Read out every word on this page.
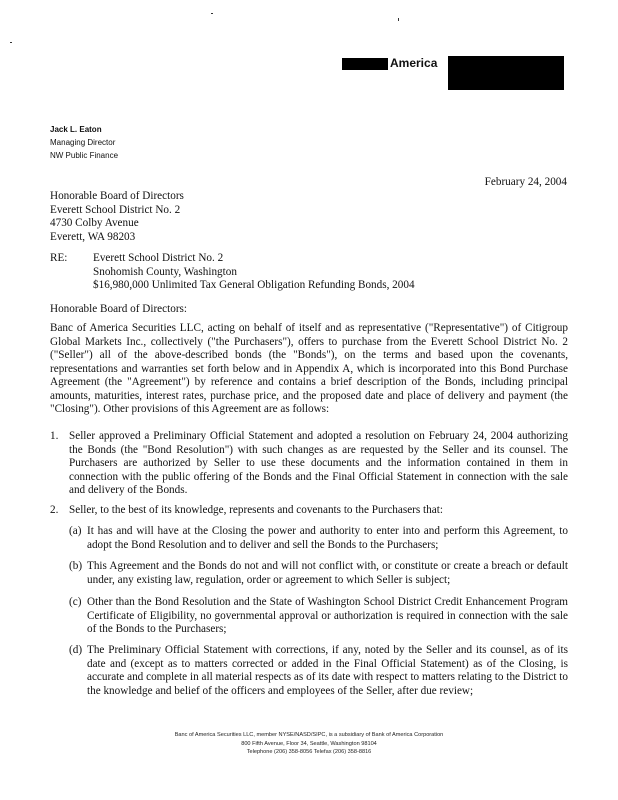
America
Jack L. Eaton
Managing Director
NW Public Finance
February 24, 2004
Honorable Board of Directors
Everett School District No. 2
4730 Colby Avenue
Everett, WA 98203
RE: Everett School District No. 2
Snohomish County, Washington
$16,980,000 Unlimited Tax General Obligation Refunding Bonds, 2004
Honorable Board of Directors:
Banc of America Securities LLC, acting on behalf of itself and as representative ("Representative") of Citigroup Global Markets Inc., collectively ("the Purchasers"), offers to purchase from the Everett School District No. 2 ("Seller") all of the above-described bonds (the "Bonds"), on the terms and based upon the covenants, representations and warranties set forth below and in Appendix A, which is incorporated into this Bond Purchase Agreement (the "Agreement") by reference and contains a brief description of the Bonds, including principal amounts, maturities, interest rates, purchase price, and the proposed date and place of delivery and payment (the "Closing"). Other provisions of this Agreement are as follows:
1. Seller approved a Preliminary Official Statement and adopted a resolution on February 24, 2004 authorizing the Bonds (the "Bond Resolution") with such changes as are requested by the Seller and its counsel. The Purchasers are authorized by Seller to use these documents and the information contained in them in connection with the public offering of the Bonds and the Final Official Statement in connection with the sale and delivery of the Bonds.
2. Seller, to the best of its knowledge, represents and covenants to the Purchasers that:
(a) It has and will have at the Closing the power and authority to enter into and perform this Agreement, to adopt the Bond Resolution and to deliver and sell the Bonds to the Purchasers;
(b) This Agreement and the Bonds do not and will not conflict with, or constitute or create a breach or default under, any existing law, regulation, order or agreement to which Seller is subject;
(c) Other than the Bond Resolution and the State of Washington School District Credit Enhancement Program Certificate of Eligibility, no governmental approval or authorization is required in connection with the sale of the Bonds to the Purchasers;
(d) The Preliminary Official Statement with corrections, if any, noted by the Seller and its counsel, as of its date and (except as to matters corrected or added in the Final Official Statement) as of the Closing, is accurate and complete in all material respects as of its date with respect to matters relating to the District to the knowledge and belief of the officers and employees of the Seller, after due review;
Banc of America Securities LLC, member NYSE/NASD/SIPC, is a subsidiary of Bank of America Corporation
800 Fifth Avenue, Floor 34, Seattle, Washington 98104
Telephone (206) 358-8056 Telefax (206) 358-8816
